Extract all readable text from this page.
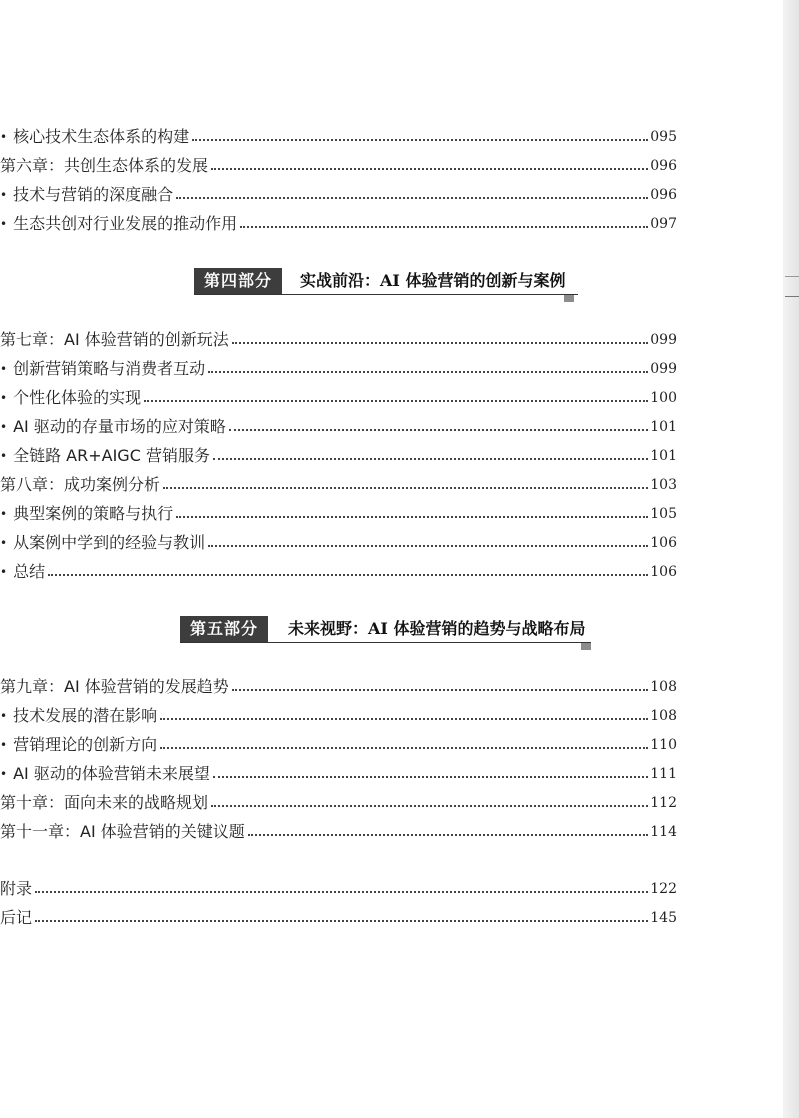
• 核心技术生态体系的构建	095
第六章：共创生态体系的发展	096
• 技术与营销的深度融合	096
• 生态共创对行业发展的推动作用	097
第四部分	实战前沿：AI 体验营销的创新与案例
第七章：AI 体验营销的创新玩法	099
• 创新营销策略与消费者互动	099
• 个性化体验的实现	100
• AI 驱动的存量市场的应对策略	101
• 全链路 AR+AIGC 营销服务	101
第八章：成功案例分析	103
• 典型案例的策略与执行	105
• 从案例中学到的经验与教训	106
• 总结	106
第五部分	未来视野：AI 体验营销的趋势与战略布局
第九章：AI 体验营销的发展趋势	108
• 技术发展的潜在影响	108
• 营销理论的创新方向	110
• AI 驱动的体验营销未来展望	111
第十章：面向未来的战略规划	112
第十一章：AI 体验营销的关键议题	114
附录	122
后记	145
